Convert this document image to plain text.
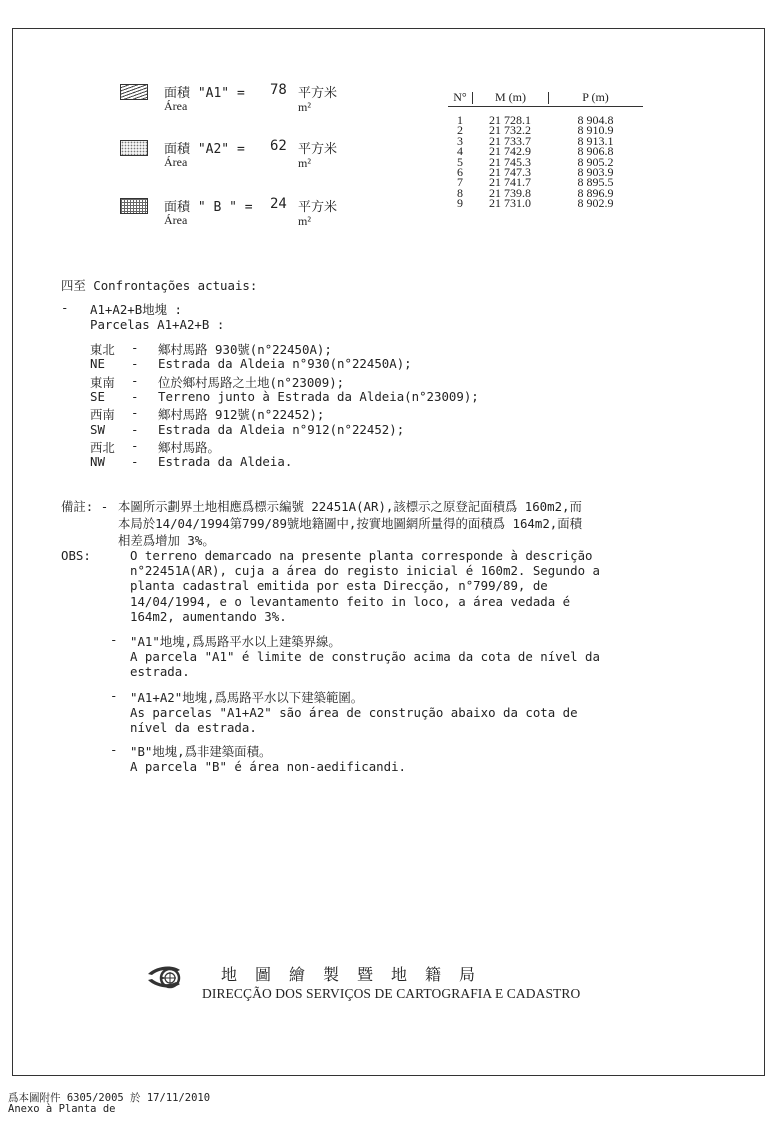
面積 "A1" =
Área
78 平方米
m²
面積 "A2" =
Área
62 平方米
m²
面積 " B " =
Área
24 平方米
m²
N°	M (m)	P (m)
1	21 728.1	8 904.8
2	21 732.2	8 910.9
3	21 733.7	8 913.1
4	21 742.9	8 906.8
5	21 745.3	8 905.2
6	21 747.3	8 903.9
7	21 741.7	8 895.5
8	21 739.8	8 896.9
9	21 731.0	8 902.9
四至 Confrontações actuais:
- A1+A2+B地塊 :
Parcelas A1+A2+B :
東北 - 鄉村馬路 930號(n°22450A);
NE - Estrada da Aldeia n°930(n°22450A);
東南 - 位於鄉村馬路之土地(n°23009);
SE - Terreno junto à Estrada da Aldeia(n°23009);
西南 - 鄉村馬路 912號(n°22452);
SW - Estrada da Aldeia n°912(n°22452);
西北 - 鄉村馬路。
NW - Estrada da Aldeia.
備註: - 本圖所示劃界土地相應爲標示編號 22451A(AR),該標示之原登記面積爲 160m2,而
本局於14/04/1994第799/89號地籍圖中,按實地圖網所量得的面積爲 164m2,面積
相差爲增加 3%。
OBS:	O terreno demarcado na presente planta corresponde à descrição
n°22451A(AR), cuja a área do registo inicial é 160m2. Segundo a
planta cadastral emitida por esta Direcção, n°799/89, de
14/04/1994, e o levantamento feito in loco, a área vedada é
164m2, aumentando 3%.
- "A1"地塊,爲馬路平水以上建築界線。
A parcela "A1" é limite de construção acima da cota de nível da
estrada.
- "A1+A2"地塊,爲馬路平水以下建築範圍。
As parcelas "A1+A2" são área de construção abaixo da cota de
nível da estrada.
- "B"地塊,爲非建築面積。
A parcela "B" é área non-aedificandi.
地　圖　繪　製　暨　地　籍　局
DIRECÇÃO DOS SERVIÇOS DE CARTOGRAFIA E CADASTRO
爲本圖附件 6305/2005 於 17/11/2010
Anexo à Planta de
